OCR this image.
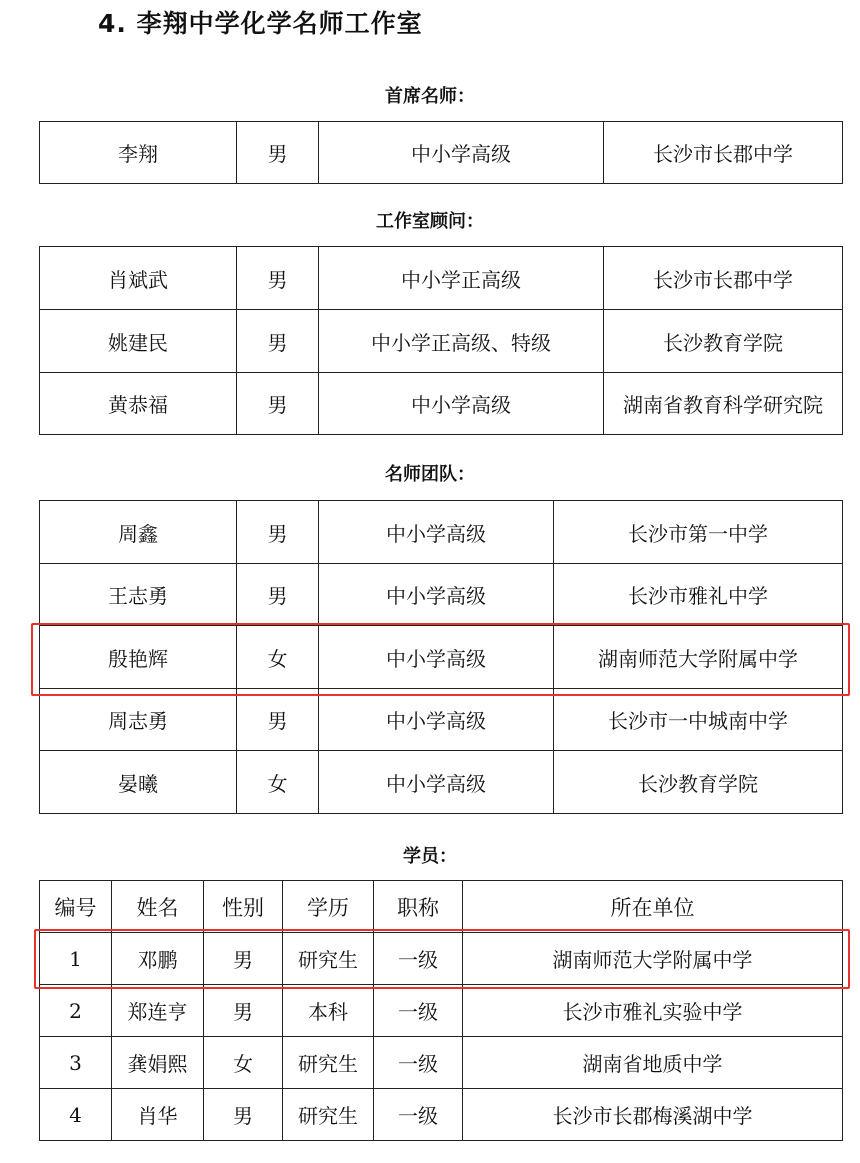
4. 李翔中学化学名师工作室
首席名师：
李翔	男	中小学高级	长沙市长郡中学
工作室顾问：
肖斌武	男	中小学正高级	长沙市长郡中学
姚建民	男	中小学正高级、特级	长沙教育学院
黄恭福	男	中小学高级	湖南省教育科学研究院
名师团队：
周鑫	男	中小学高级	长沙市第一中学
王志勇	男	中小学高级	长沙市雅礼中学
殷艳辉	女	中小学高级	湖南师范大学附属中学
周志勇	男	中小学高级	长沙市一中城南中学
晏曦	女	中小学高级	长沙教育学院
学员：
编号	姓名	性别	学历	职称	所在单位
1	邓鹏	男	研究生	一级	湖南师范大学附属中学
2	郑连亨	男	本科	一级	长沙市雅礼实验中学
3	龚娟熙	女	研究生	一级	湖南省地质中学
4	肖华	男	研究生	一级	长沙市长郡梅溪湖中学
